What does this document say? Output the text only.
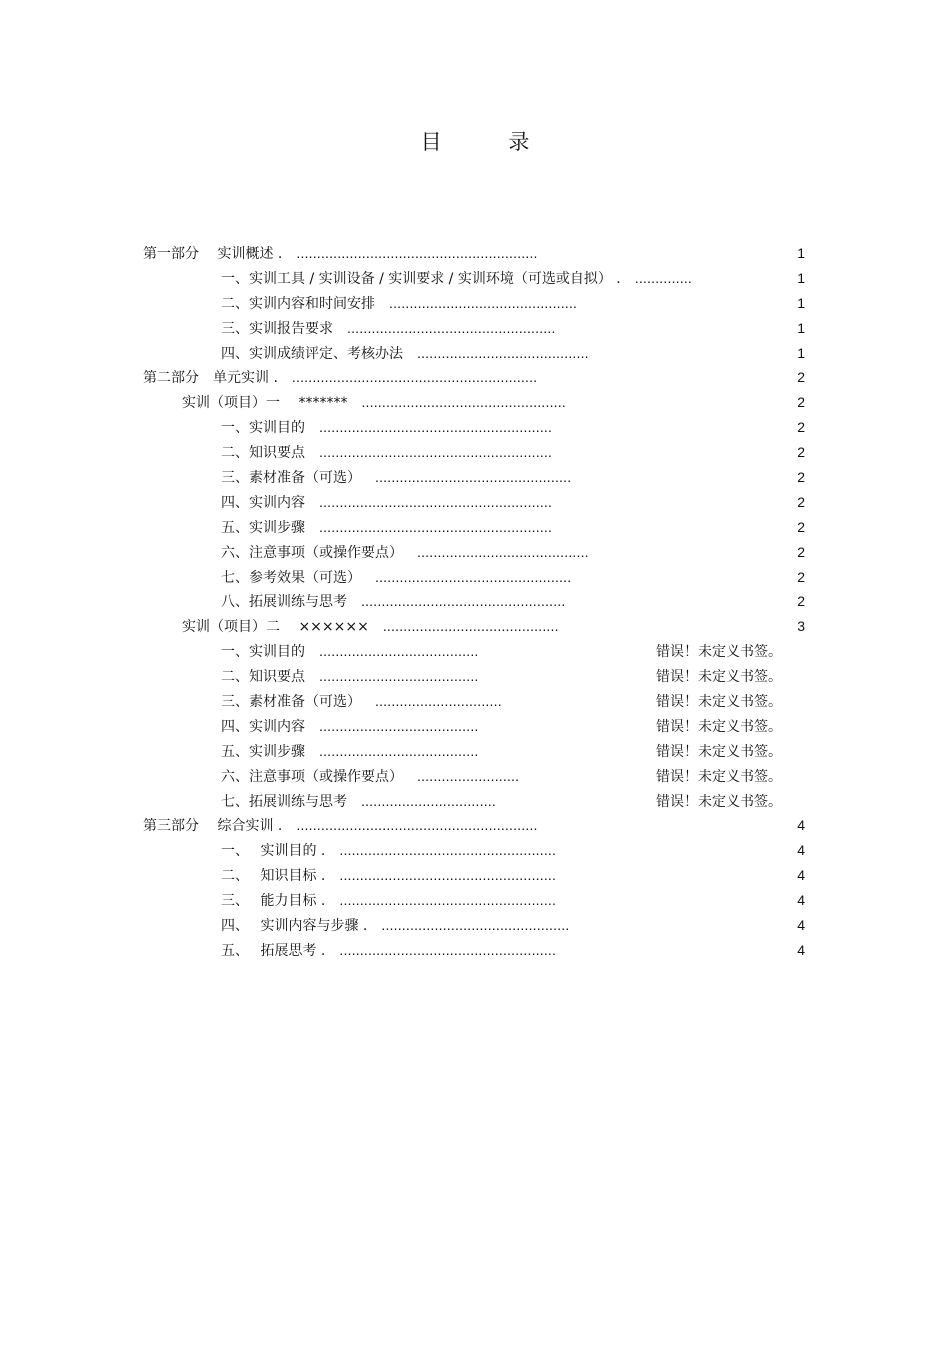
目 录
第一部分　 实训概述 . ...........................................................	1
一、实训工具 / 实训设备 / 实训要求 / 实训环境（可选或自拟） . ..............	1
二、实训内容和时间安排 ..............................................	1
三、实训报告要求 ...................................................	1
四、实训成绩评定、考核办法 ..........................................	1
第二部分　单元实训 . ............................................................	2
实训（项目）一　 ******* ..................................................	2
一、实训目的 .........................................................	2
二、知识要点 .........................................................	2
三、素材准备（可选） ................................................	2
四、实训内容 .........................................................	2
五、实训步骤 .........................................................	2
六、注意事项（或操作要点） ..........................................	2
七、参考效果（可选） ................................................	2
八、拓展训练与思考 ..................................................	2
实训（项目）二　 ×××××× ...........................................	3
一、实训目的 .......................................	错误！未定义书签。
二、知识要点 .......................................	错误！未定义书签。
三、素材准备（可选） ...............................	错误！未定义书签。
四、实训内容 .......................................	错误！未定义书签。
五、实训步骤 .......................................	错误！未定义书签。
六、注意事项（或操作要点） .........................	错误！未定义书签。
七、拓展训练与思考 .................................	错误！未定义书签。
第三部分　 综合实训 . ...........................................................	4
一、　 实训目的 . .....................................................	4
二、　 知识目标 . .....................................................	4
三、　 能力目标 . .....................................................	4
四、　 实训内容与步骤 . ..............................................	4
五、　 拓展思考 . .....................................................	4
